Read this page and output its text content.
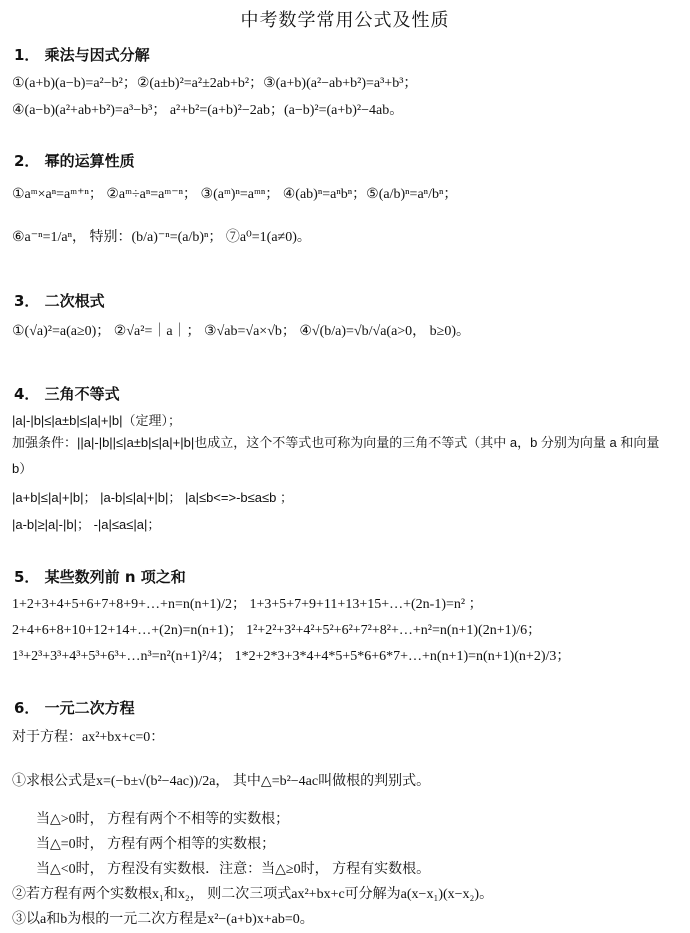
中考数学常用公式及性质
1． 乘法与因式分解
①(a+b)(a−b)=a²−b²；②(a±b)²=a²±2ab+b²；③(a+b)(a²−ab+b²)=a³+b³；
④(a−b)(a²+ab+b²)=a³−b³； a²+b²=(a+b)²−2ab；(a−b)²=(a+b)²−4ab。
2． 幂的运算性质
①aᵐ×aⁿ=aᵐ⁺ⁿ； ②aᵐ÷aⁿ=aᵐ⁻ⁿ； ③(aᵐ)ⁿ=aᵐⁿ； ④(ab)ⁿ=aⁿbⁿ；⑤(a/b)ⁿ=aⁿ/bⁿ；
⑥a⁻ⁿ=1/aⁿ， 特别：(b/a)⁻ⁿ=(a/b)ⁿ； ⑦a⁰=1(a≠0)。
3． 二次根式
①(√a)²=a(a≥0)； ②√a²=｜a｜； ③√ab=√a×√b； ④√(b/a)=√b/√a(a>0， b≥0)。
4． 三角不等式
|a|-|b|≤|a±b|≤|a|+|b|（定理）；
加强条件：||a|-|b||≤|a±b|≤|a|+|b|也成立，这个不等式也可称为向量的三角不等式（其中 a，b 分别为向量 a 和向量 b）
|a+b|≤|a|+|b|； |a-b|≤|a|+|b|； |a|≤b<=>-b≤a≤b ；
|a-b|≥|a|-|b|； -|a|≤a≤|a|；
5． 某些数列前 n 项之和
1+2+3+4+5+6+7+8+9+…+n=n(n+1)/2； 1+3+5+7+9+11+13+15+…+(2n-1)=n² ；
2+4+6+8+10+12+14+…+(2n)=n(n+1)； 1²+2²+3²+4²+5²+6²+7²+8²+…+n²=n(n+1)(2n+1)/6；
1³+2³+3³+4³+5³+6³+…n³=n²(n+1)²/4； 1*2+2*3+3*4+4*5+5*6+6*7+…+n(n+1)=n(n+1)(n+2)/3；
6． 一元二次方程
对于方程：ax²+bx+c=0：
①求根公式是x=(−b±√(b²−4ac))/2a， 其中△=b²−4ac叫做根的判别式。
当△>0时， 方程有两个不相等的实数根；
当△=0时， 方程有两个相等的实数根；
当△<0时， 方程没有实数根．注意：当△≥0时， 方程有实数根。
②若方程有两个实数根x₁和x₂， 则二次三项式ax²+bx+c可分解为a(x−x₁)(x−x₂)。
③以a和b为根的一元二次方程是x²−(a+b)x+ab=0。
